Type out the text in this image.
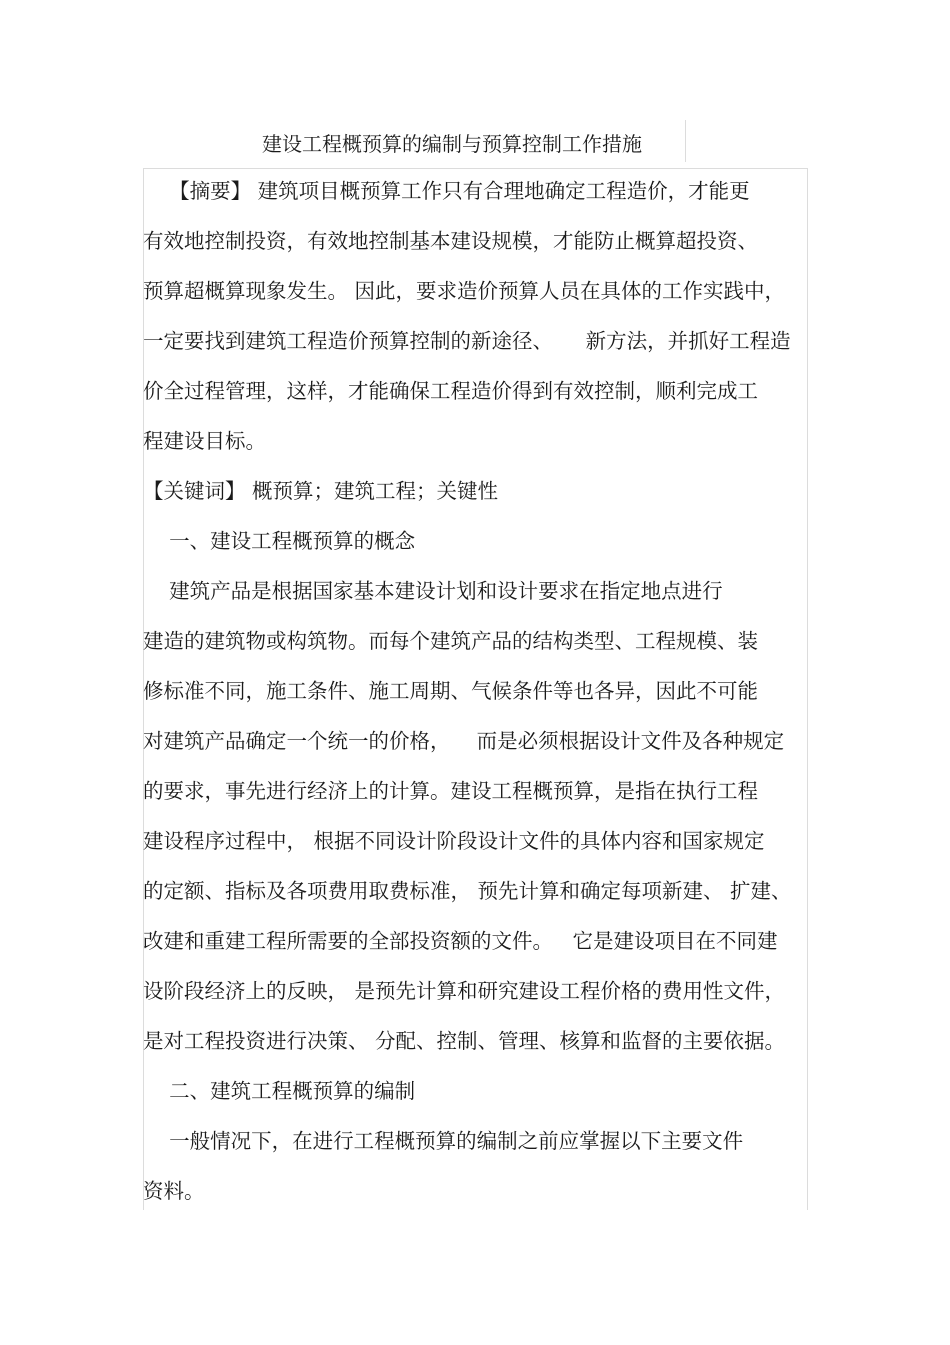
建设工程概预算的编制与预算控制工作措施
【摘要】 建筑项目概预算工作只有合理地确定工程造价，才能更
有效地控制投资，有效地控制基本建设规模，才能防止概算超投资、
预算超概算现象发生。 因此，要求造价预算人员在具体的工作实践中，
一定要找到建筑工程造价预算控制的新途径、     新方法，并抓好工程造
价全过程管理，这样，才能确保工程造价得到有效控制，顺利完成工
程建设目标。
【关键词】 概预算；建筑工程；关键性
一、建设工程概预算的概念
建筑产品是根据国家基本建设计划和设计要求在指定地点进行
建造的建筑物或构筑物。而每个建筑产品的结构类型、工程规模、装
修标准不同，施工条件、施工周期、气候条件等也各异，因此不可能
对建筑产品确定一个统一的价格，    而是必须根据设计文件及各种规定
的要求，事先进行经济上的计算。建设工程概预算，是指在执行工程
建设程序过程中， 根据不同设计阶段设计文件的具体内容和国家规定
的定额、指标及各项费用取费标准， 预先计算和确定每项新建、 扩建、
改建和重建工程所需要的全部投资额的文件。   它是建设项目在不同建
设阶段经济上的反映， 是预先计算和研究建设工程价格的费用性文件，
是对工程投资进行决策、 分配、控制、管理、核算和监督的主要依据。
二、建筑工程概预算的编制
一般情况下，在进行工程概预算的编制之前应掌握以下主要文件
资料。
